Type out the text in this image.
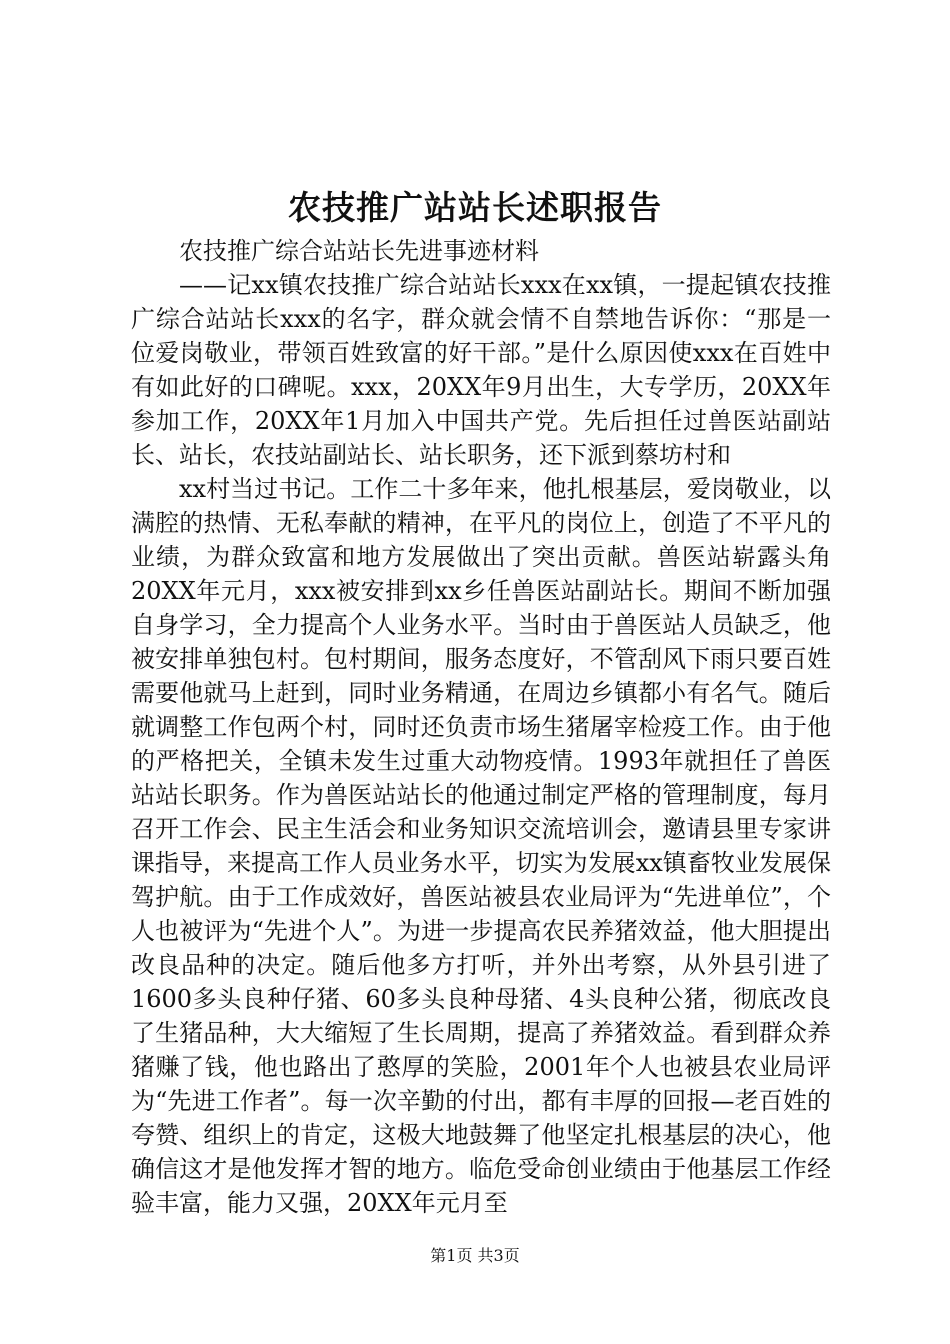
农技推广站站长述职报告

农技推广综合站站长先进事迹材料

——记xx镇农技推广综合站站长xxx在xx镇，一提起镇农技推广综合站站长xxx的名字，群众就会情不自禁地告诉你：“那是一位爱岗敬业，带领百姓致富的好干部。”是什么原因使xxx在百姓中有如此好的口碑呢。xxx，20XX年9月出生，大专学历，20XX年参加工作，20XX年1月加入中国共产党。先后担任过兽医站副站长、站长，农技站副站长、站长职务，还下派到蔡坊村和

xx村当过书记。工作二十多年来，他扎根基层，爱岗敬业，以满腔的热情、无私奉献的精神，在平凡的岗位上，创造了不平凡的业绩，为群众致富和地方发展做出了突出贡献。兽医站崭露头角20XX年元月，xxx被安排到xx乡任兽医站副站长。期间不断加强自身学习，全力提高个人业务水平。当时由于兽医站人员缺乏，他被安排单独包村。包村期间，服务态度好，不管刮风下雨只要百姓需要他就马上赶到，同时业务精通，在周边乡镇都小有名气。随后就调整工作包两个村，同时还负责市场生猪屠宰检疫工作。由于他的严格把关，全镇未发生过重大动物疫情。1993年就担任了兽医站站长职务。作为兽医站站长的他通过制定严格的管理制度，每月召开工作会、民主生活会和业务知识交流培训会，邀请县里专家讲课指导，来提高工作人员业务水平，切实为发展xx镇畜牧业发展保驾护航。由于工作成效好，兽医站被县农业局评为“先进单位”，个人也被评为“先进个人”。为进一步提高农民养猪效益，他大胆提出改良品种的决定。随后他多方打听，并外出考察，从外县引进了1600多头良种仔猪、60多头良种母猪、4头良种公猪，彻底改良了生猪品种，大大缩短了生长周期，提高了养猪效益。看到群众养猪赚了钱，他也路出了憨厚的笑脸，2001年个人也被县农业局评为“先进工作者”。每一次辛勤的付出，都有丰厚的回报—老百姓的夸赞、组织上的肯定，这极大地鼓舞了他坚定扎根基层的决心，他确信这才是他发挥才智的地方。临危受命创业绩由于他基层工作经验丰富，能力又强，20XX年元月至

第1页 共3页
